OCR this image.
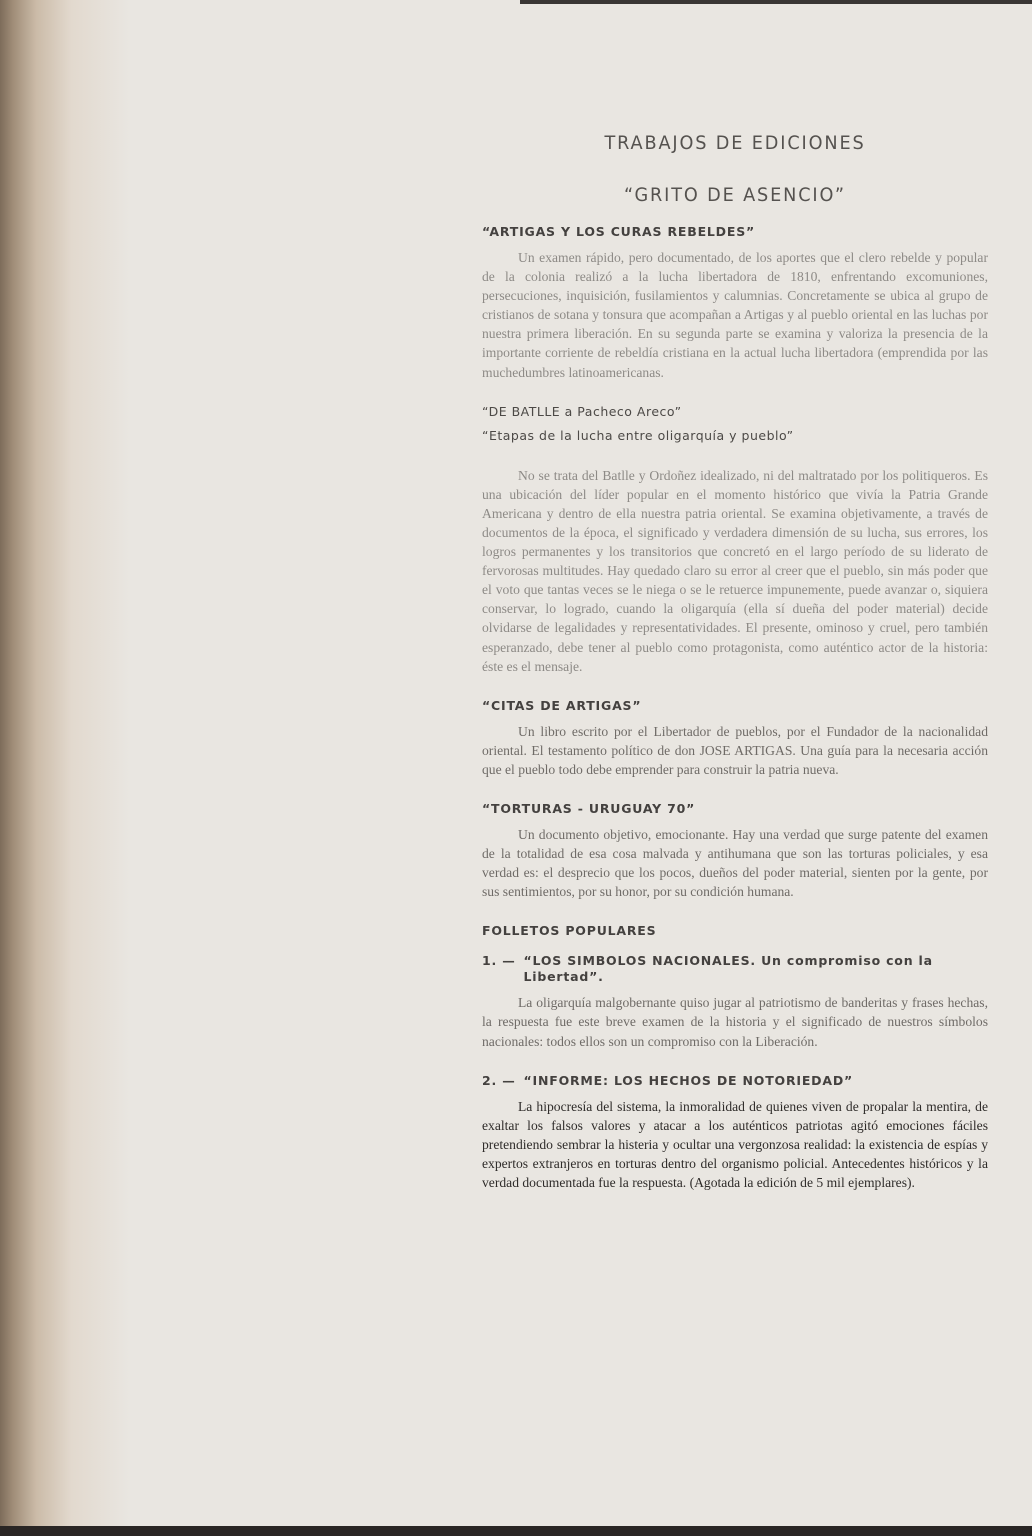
TRABAJOS DE EDICIONES
“GRITO DE ASENCIO”
“ARTIGAS Y LOS CURAS REBELDES”

Un examen rápido, pero documentado, de los aportes que el clero rebelde y popular de la colonia realizó a la lucha libertadora de 1810, enfrentando excomuniones, persecuciones, inquisición, fusilamientos y calumnias. Concretamente se ubica al grupo de cristianos de sotana y tonsura que acompañan a Artigas y al pueblo oriental en las luchas por nuestra primera liberación. En su segunda parte se examina y valoriza la presencia de la importante corriente de rebeldía cristiana en la actual lucha libertadora (emprendida por las muchedumbres latinoamericanas.

“DE BATLLE a Pacheco Areco”
“Etapas de la lucha entre oligarquía y pueblo”

No se trata del Batlle y Ordoñez idealizado, ni del maltratado por los politiqueros. Es una ubicación del líder popular en el momento histórico que vivía la Patria Grande Americana y dentro de ella nuestra patria oriental. Se examina objetivamente, a través de documentos de la época, el significado y verdadera dimensión de su lucha, sus errores, los logros permanentes y los transitorios que concretó en el largo período de su liderato de fervorosas multitudes. Hay quedado claro su error al creer que el pueblo, sin más poder que el voto que tantas veces se le niega o se le retuerce impunemente, puede avanzar o, siquiera conservar, lo logrado, cuando la oligarquía (ella sí dueña del poder material) decide olvidarse de legalidades y representatividades. El presente, ominoso y cruel, pero también esperanzado, debe tener al pueblo como protagonista, como auténtico actor de la historia: éste es el mensaje.

“CITAS DE ARTIGAS”

Un libro escrito por el Libertador de pueblos, por el Fundador de la nacionalidad oriental. El testamento político de don JOSE ARTIGAS. Una guía para la necesaria acción que el pueblo todo debe emprender para construir la patria nueva.

“TORTURAS - URUGUAY 70”

Un documento objetivo, emocionante. Hay una verdad que surge patente del examen de la totalidad de esa cosa malvada y antihumana que son las torturas policiales, y esa verdad es: el desprecio que los pocos, dueños del poder material, sienten por la gente, por sus sentimientos, por su honor, por su condición humana.

FOLLETOS POPULARES
1. — “LOS SIMBOLOS NACIONALES. Un compromiso con la Libertad”.

La oligarquía malgobernante quiso jugar al patriotismo de banderitas y frases hechas, la respuesta fue este breve examen de la historia y el significado de nuestros símbolos nacionales: todos ellos son un compromiso con la Liberación.

2. — “INFORME: LOS HECHOS DE NOTORIEDAD”

La hipocresía del sistema, la inmoralidad de quienes viven de propalar la mentira, de exaltar los falsos valores y atacar a los auténticos patriotas agitó emociones fáciles pretendiendo sembrar la histeria y ocultar una vergonzosa realidad: la existencia de espías y expertos extranjeros en torturas dentro del organismo policial. Antecedentes históricos y la verdad documentada fue la respuesta. (Agotada la edición de 5 mil ejemplares).
